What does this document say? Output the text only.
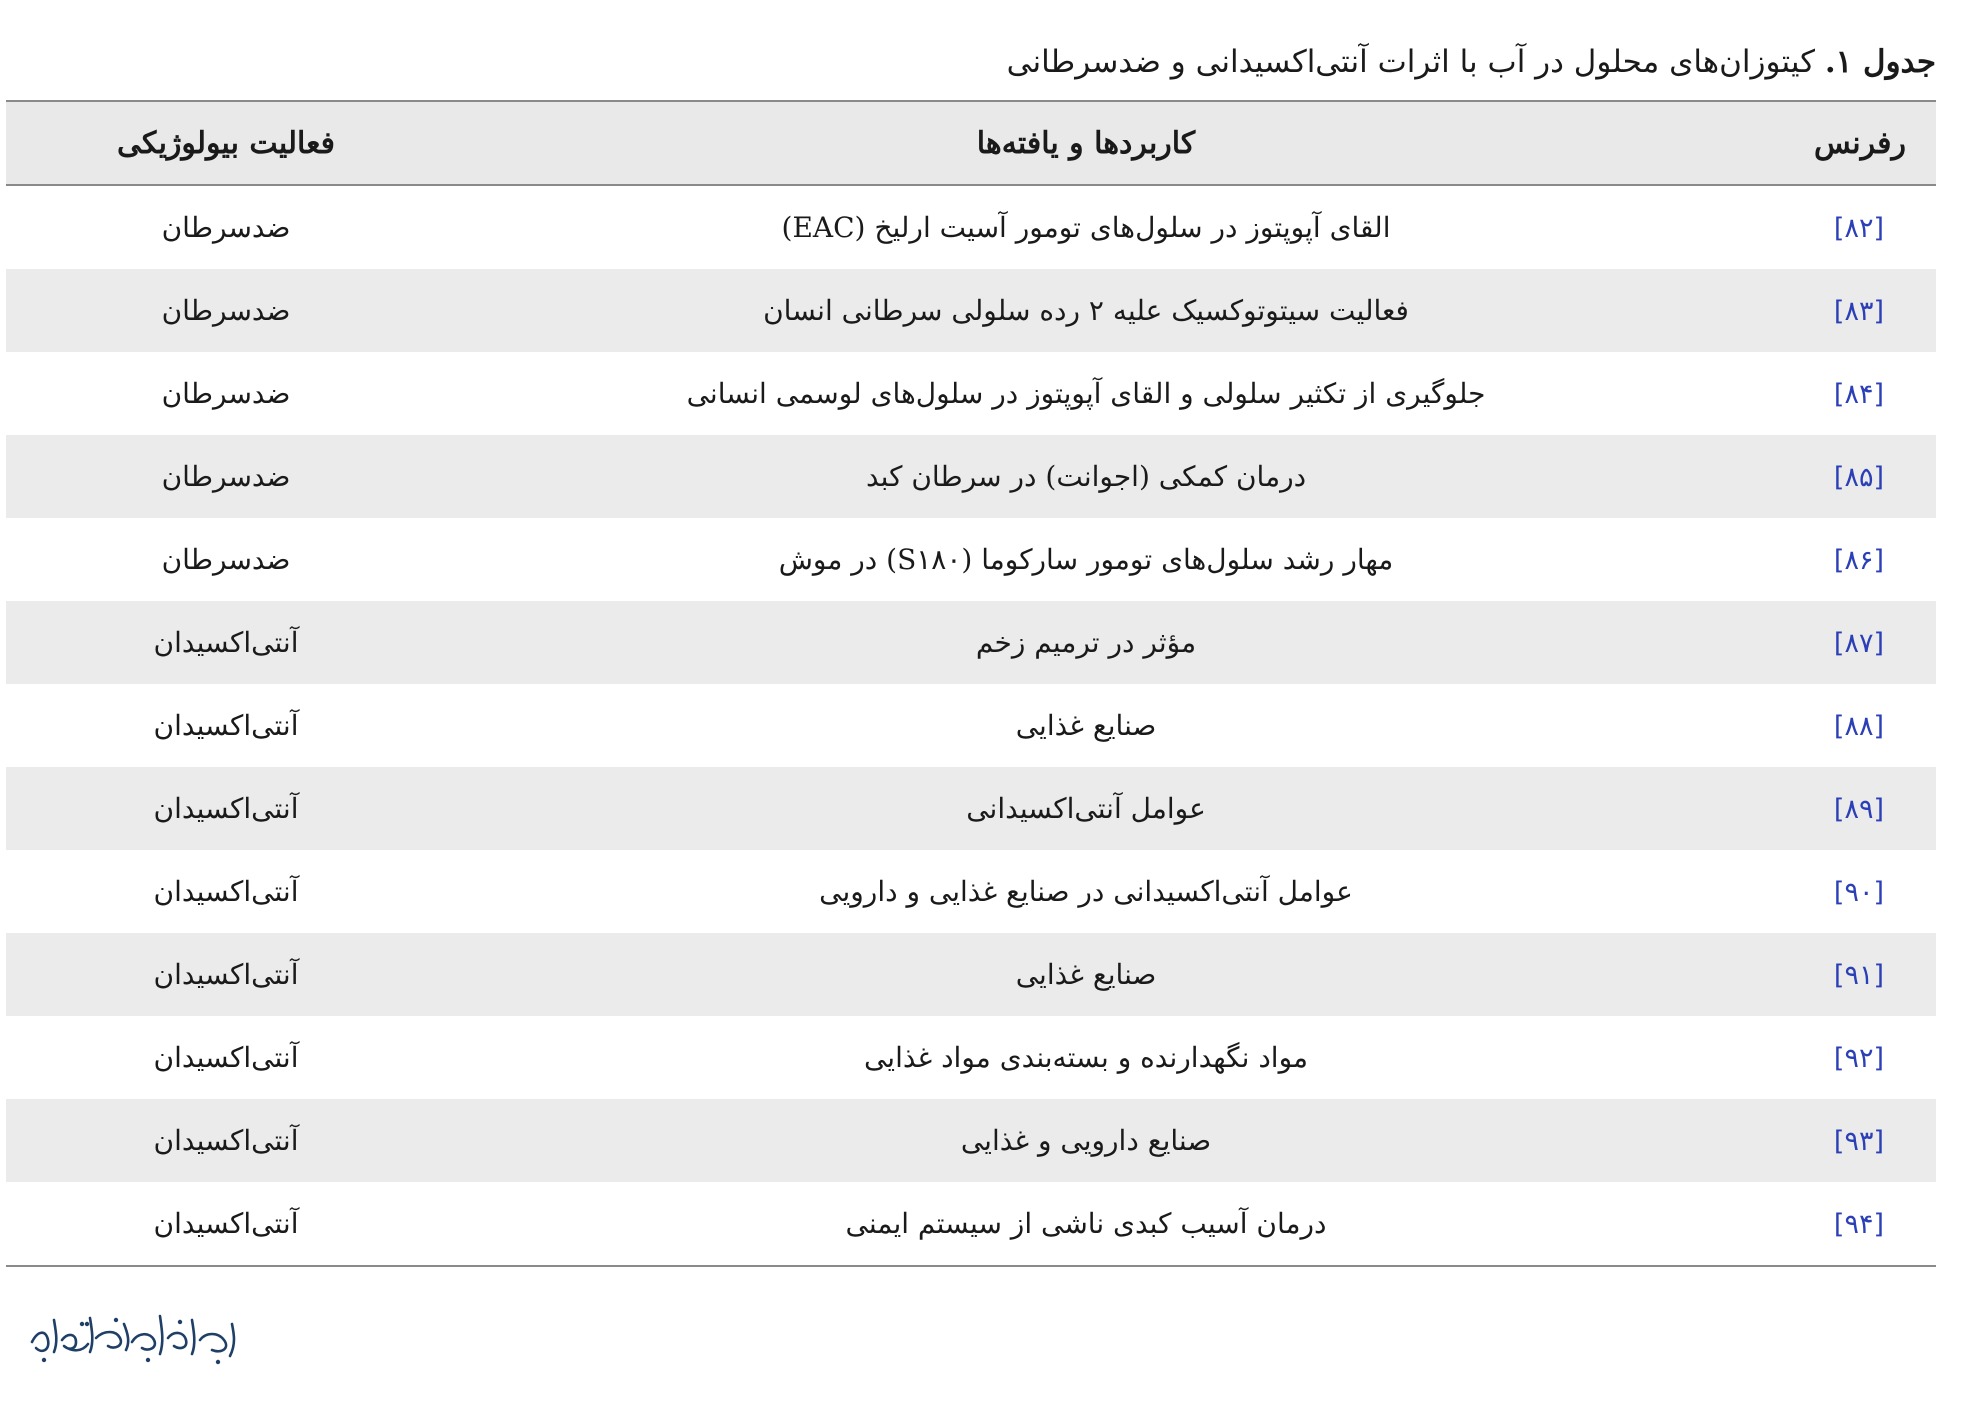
جدول ۱. کیتوزان‌های محلول در آب با اثرات آنتی‌اکسیدانی و ضدسرطانی
رفرنس	کاربردها و یافته‌ها	فعالیت بیولوژیکی
[۸۲]	القای آپوپتوز در سلول‌های تومور آسیت ارلیخ (EAC)	ضدسرطان
[۸۳]	فعالیت سیتوتوکسیک علیه ۲ رده سلولی سرطانی انسان	ضدسرطان
[۸۴]	جلوگیری از تکثیر سلولی و القای آپوپتوز در سلول‌های لوسمی انسانی	ضدسرطان
[۸۵]	درمان کمکی (اجوانت) در سرطان کبد	ضدسرطان
[۸۶]	مهار رشد سلول‌های تومور سارکوما (S۱۸۰) در موش	ضدسرطان
[۸۷]	مؤثر در ترمیم زخم	آنتی‌اکسیدان
[۸۸]	صنایع غذایی	آنتی‌اکسیدان
[۸۹]	عوامل آنتی‌اکسیدانی	آنتی‌اکسیدان
[۹۰]	عوامل آنتی‌اکسیدانی در صنایع غذایی و دارویی	آنتی‌اکسیدان
[۹۱]	صنایع غذایی	آنتی‌اکسیدان
[۹۲]	مواد نگهدارنده و بسته‌بندی مواد غذایی	آنتی‌اکسیدان
[۹۳]	صنایع دارویی و غذایی	آنتی‌اکسیدان
[۹۴]	درمان آسیب کبدی ناشی از سیستم ایمنی	آنتی‌اکسیدان
